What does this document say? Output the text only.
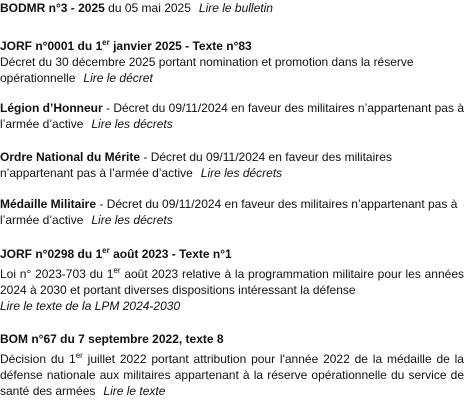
BODMR n°3 - 2025 du 05 mai 2025 Lire le bulletin
JORF n°0001 du 1er janvier 2025 - Texte n°83
Décret du 30 décembre 2025 portant nomination et promotion dans la réserve opérationnelle Lire le décret
Légion d’Honneur - Décret du 09/11/2024 en faveur des militaires n’appartenant pas à l’armée d’active Lire les décrets
Ordre National du Mérite - Décret du 09/11/2024 en faveur des militaires n’appartenant pas à l’armée d’active Lire les décrets
Médaille Militaire - Décret du 09/11/2024 en faveur des militaires n’appartenant pas à l’armée d’active Lire les décrets
JORF n°0298 du 1er août 2023 - Texte n°1
Loi n° 2023-703 du 1er août 2023 relative à la programmation militaire pour les années 2024 à 2030 et portant diverses dispositions intéressant la défense
Lire le texte de la LPM 2024-2030
BOM n°67 du 7 septembre 2022, texte 8
Décision du 1er juillet 2022 portant attribution pour l'année 2022 de la médaille de la défense nationale aux militaires appartenant à la réserve opérationnelle du service de santé des armées Lire le texte
